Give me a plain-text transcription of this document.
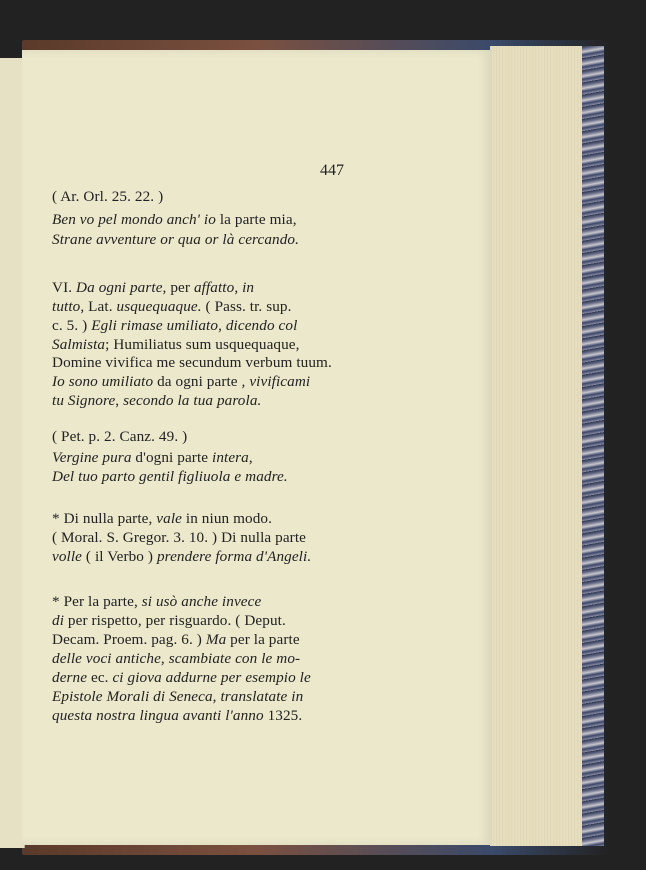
447
( Ar. Orl. 25. 22. )
Ben vo pel mondo anch' io la parte mia,
Strane avventure or qua or là cercando.
VI. Da ogni parte, per affatto, in
tutto, Lat. usquequaque. ( Pass. tr. sup.
c. 5. ) Egli rimase umiliato, dicendo col
Salmista; Humiliatus sum usquequaque,
Domine vivifica me secundum verbum tuum.
Io sono umiliato da ogni parte , vivificami
tu Signore, secondo la tua parola.
( Pet. p. 2. Canz. 49. )
Vergine pura d'ogni parte intera,
Del tuo parto gentil figliuola e madre.
* Di nulla parte, vale in niun modo.
( Moral. S. Gregor. 3. 10. ) Di nulla parte
volle ( il Verbo ) prendere forma d'Angeli.
* Per la parte, si usò anche invece
di per rispetto, per risguardo. ( Deput.
Decam. Proem. pag. 6. ) Ma per la parte
delle voci antiche, scambiate con le mo-
derne ec. ci giova addurne per esempio le
Epistole Morali di Seneca, translatate in
questa nostra lingua avanti l'anno 1325.
